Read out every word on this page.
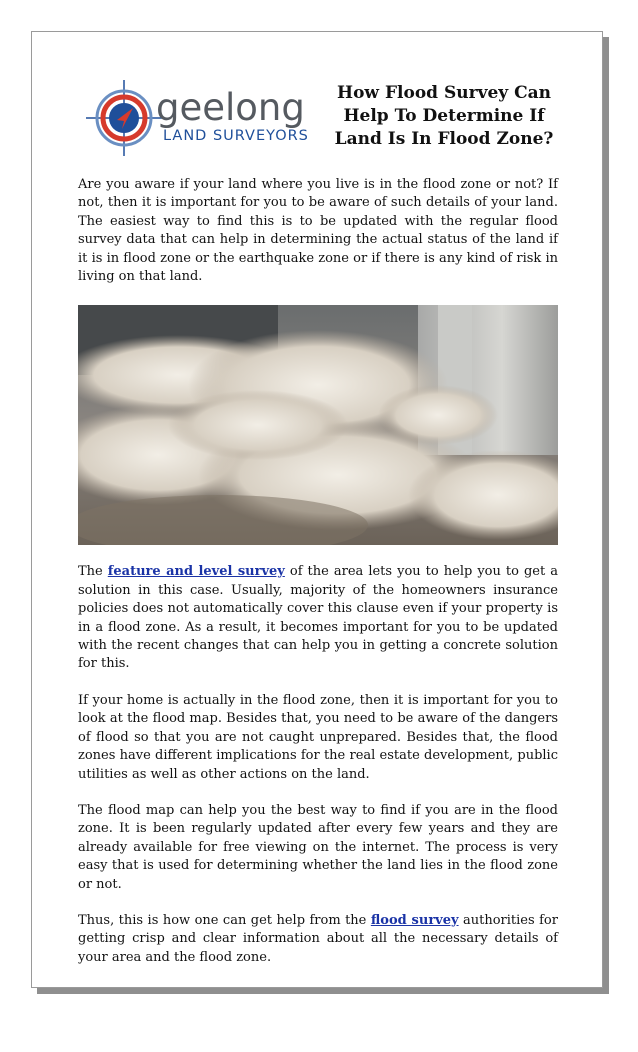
geelong
LAND SURVEYORS
How Flood Survey Can
Help To Determine If
Land Is In Flood Zone?

Are you aware if your land where you live is in the flood zone or not? If not, then it is important for you to be aware of such details of your land. The easiest way to find this is to be updated with the regular flood survey data that can help in determining the actual status of the land if it is in flood zone or the earthquake zone or if there is any kind of risk in living on that land.

The feature and level survey of the area lets you to help you to get a solution in this case. Usually, majority of the homeowners insurance policies does not automatically cover this clause even if your property is in a flood zone. As a result, it becomes important for you to be updated with the recent changes that can help you in getting a concrete solution for this.

If your home is actually in the flood zone, then it is important for you to look at the flood map. Besides that, you need to be aware of the dangers of flood so that you are not caught unprepared. Besides that, the flood zones have different implications for the real estate development, public utilities as well as other actions on the land.

The flood map can help you the best way to find if you are in the flood zone. It is been regularly updated after every few years and they are already available for free viewing on the internet. The process is very easy that is used for determining whether the land lies in the flood zone or not.

Thus, this is how one can get help from the flood survey authorities for getting crisp and clear information about all the necessary details of your area and the flood zone.
